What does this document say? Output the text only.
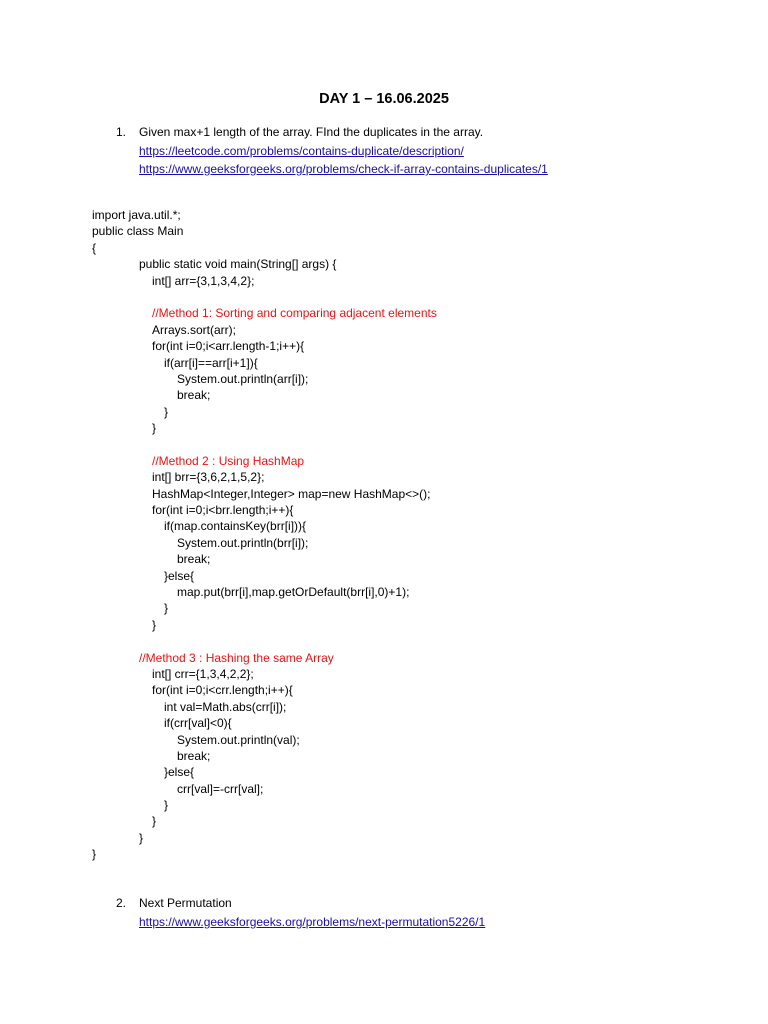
DAY 1 – 16.06.2025
1.	Given max+1 length of the array. FInd the duplicates in the array.
https://leetcode.com/problems/contains-duplicate/description/
https://www.geeksforgeeks.org/problems/check-if-array-contains-duplicates/1
import java.util.*;
public class Main
{
public static void main(String[] args) {
int[] arr={3,1,3,4,2};
//Method 1: Sorting and comparing adjacent elements
Arrays.sort(arr);
for(int i=0;i<arr.length-1;i++){
if(arr[i]==arr[i+1]){
System.out.println(arr[i]);
break;
}
}
//Method 2 : Using HashMap
int[] brr={3,6,2,1,5,2};
HashMap<Integer,Integer> map=new HashMap<>();
for(int i=0;i<brr.length;i++){
if(map.containsKey(brr[i])){
System.out.println(brr[i]);
break;
}else{
map.put(brr[i],map.getOrDefault(brr[i],0)+1);
}
}
//Method 3 : Hashing the same Array
int[] crr={1,3,4,2,2};
for(int i=0;i<crr.length;i++){
int val=Math.abs(crr[i]);
if(crr[val]<0){
System.out.println(val);
break;
}else{
crr[val]=-crr[val];
}
}
}
}
2.	Next Permutation
https://www.geeksforgeeks.org/problems/next-permutation5226/1
